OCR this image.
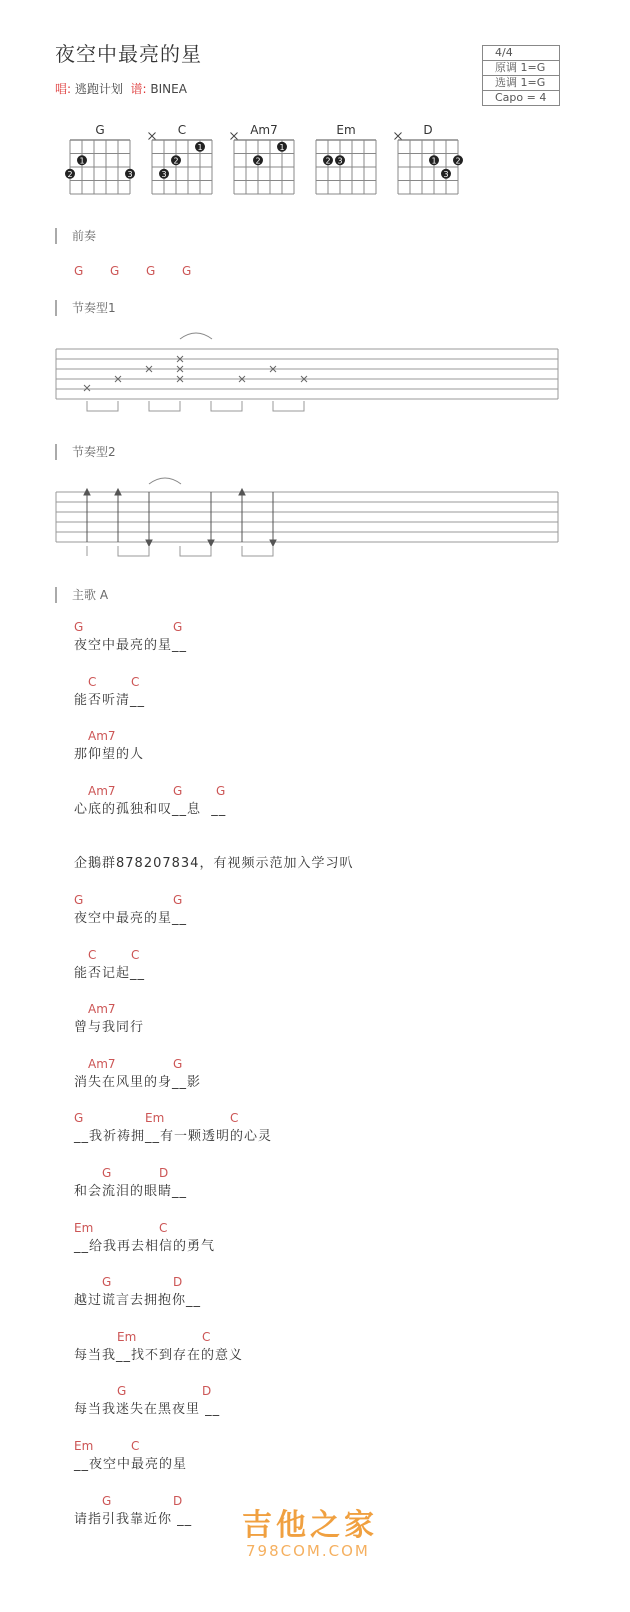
夜空中最亮的星
唱: 逃跑计划 谱: BINEA
4/4
原调 1=G
选调 1=G
Capo = 4
G
2
1
3
C
3
2
1
Am7
2
1
Em
2 3
D
1
3
2
前奏
G G G G
节奏型1
节奏型2
主歌 A
G	G
夜空中最亮的星__
C	C
能否听清__
Am7
那仰望的人
Am7	G	G
心底的孤独和叹__息  __
企鵝群878207834，有视频示范加入学习叭
G	G
夜空中最亮的星__
C	C
能否记起__
Am7
曾与我同行
Am7	G
消失在风里的身__影
G	Em	C
__我祈祷拥__有一颗透明的心灵
G	D
和会流泪的眼睛__
Em	C
__给我再去相信的勇气
G	D
越过谎言去拥抱你__
Em	C
每当我__找不到存在的意义
G	D
每当我迷失在黑夜里 __
Em	C
__夜空中最亮的星
G	D
请指引我靠近你 __ 吉他之家
798COM.COM
